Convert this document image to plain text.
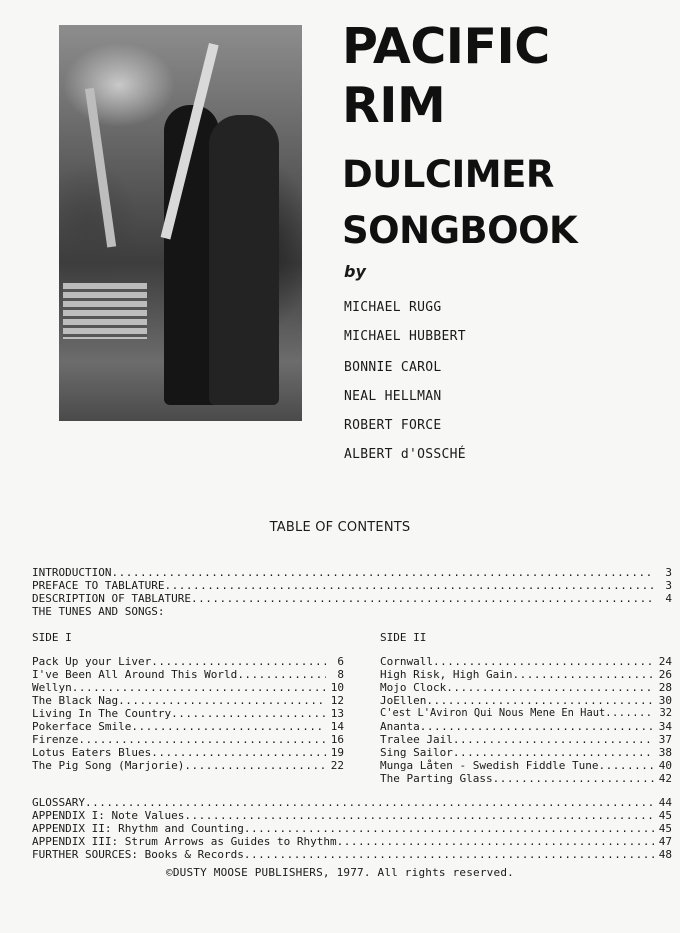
PACIFIC
RIM
DULCIMER
SONGBOOK
by
MICHAEL RUGG
MICHAEL HUBBERT
BONNIE CAROL
NEAL HELLMAN
ROBERT FORCE
ALBERT d'OSSCHÉ
TABLE OF CONTENTS
INTRODUCTION .....	3
PREFACE TO TABLATURE .....	3
DESCRIPTION OF TABLATURE .....	4
THE TUNES AND SONGS:
SIDE I
Pack Up your Liver .....	6
I've Been All Around This World .....	8
Wellyn .....	10
The Black Nag .....	12
Living In The Country .....	13
Pokerface Smile .....	14
Firenze .....	16
Lotus Eaters Blues .....	19
The Pig Song (Marjorie) .....	22
SIDE II
Cornwall .....	24
High Risk, High Gain .....	26
Mojo Clock .....	28
JoEllen .....	30
C'est L'Aviron Qui Nous Mene En Haut .....	32
Ananta .....	34
Tralee Jail .....	37
Sing Sailor .....	38
Munga Låten - Swedish Fiddle Tune .....	40
The Parting Glass .....	42
GLOSSARY .....	44
APPENDIX I: Note Values .....	45
APPENDIX II: Rhythm and Counting .....	45
APPENDIX III: Strum Arrows as Guides to Rhythm .....	47
FURTHER SOURCES: Books & Records .....	48
©DUSTY MOOSE PUBLISHERS, 1977. All rights reserved.
